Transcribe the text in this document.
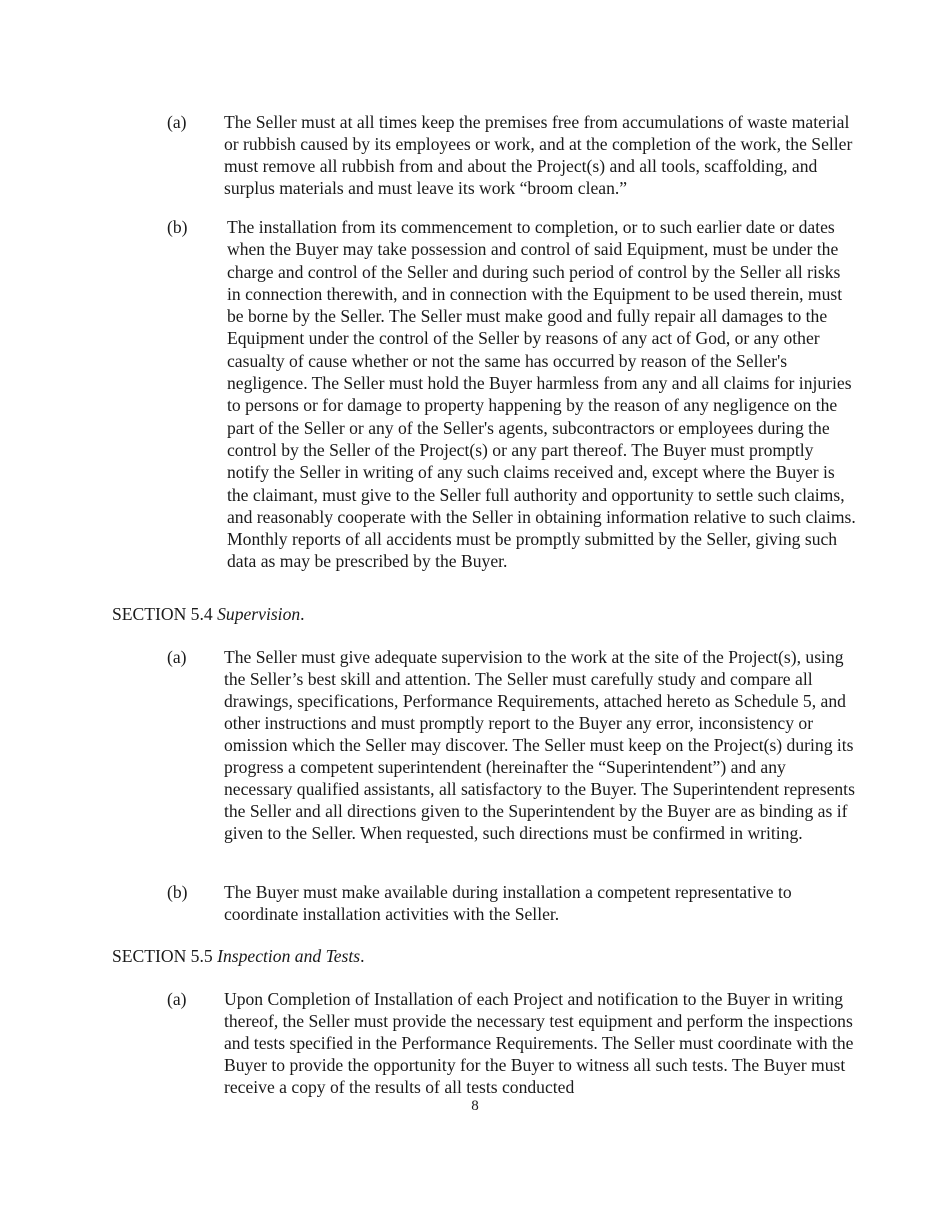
(a) The Seller must at all times keep the premises free from accumulations of waste material or rubbish caused by its employees or work, and at the completion of the work, the Seller must remove all rubbish from and about the Project(s) and all tools, scaffolding, and surplus materials and must leave its work “broom clean.”
(b) The installation from its commencement to completion, or to such earlier date or dates when the Buyer may take possession and control of said Equipment, must be under the charge and control of the Seller and during such period of control by the Seller all risks in connection therewith, and in connection with the Equipment to be used therein, must be borne by the Seller. The Seller must make good and fully repair all damages to the Equipment under the control of the Seller by reasons of any act of God, or any other casualty of cause whether or not the same has occurred by reason of the Seller's negligence. The Seller must hold the Buyer harmless from any and all claims for injuries to persons or for damage to property happening by the reason of any negligence on the part of the Seller or any of the Seller's agents, subcontractors or employees during the control by the Seller of the Project(s) or any part thereof. The Buyer must promptly notify the Seller in writing of any such claims received and, except where the Buyer is the claimant, must give to the Seller full authority and opportunity to settle such claims, and reasonably cooperate with the Seller in obtaining information relative to such claims. Monthly reports of all accidents must be promptly submitted by the Seller, giving such data as may be prescribed by the Buyer.
SECTION 5.4 Supervision.
(a) The Seller must give adequate supervision to the work at the site of the Project(s), using the Seller’s best skill and attention. The Seller must carefully study and compare all drawings, specifications, Performance Requirements, attached hereto as Schedule 5, and other instructions and must promptly report to the Buyer any error, inconsistency or omission which the Seller may discover. The Seller must keep on the Project(s) during its progress a competent superintendent (hereinafter the “Superintendent”) and any necessary qualified assistants, all satisfactory to the Buyer. The Superintendent represents the Seller and all directions given to the Superintendent by the Buyer are as binding as if given to the Seller. When requested, such directions must be confirmed in writing.
(b) The Buyer must make available during installation a competent representative to coordinate installation activities with the Seller.
SECTION 5.5 Inspection and Tests.
(a) Upon Completion of Installation of each Project and notification to the Buyer in writing thereof, the Seller must provide the necessary test equipment and perform the inspections and tests specified in the Performance Requirements. The Seller must coordinate with the Buyer to provide the opportunity for the Buyer to witness all such tests. The Buyer must receive a copy of the results of all tests conducted
8
